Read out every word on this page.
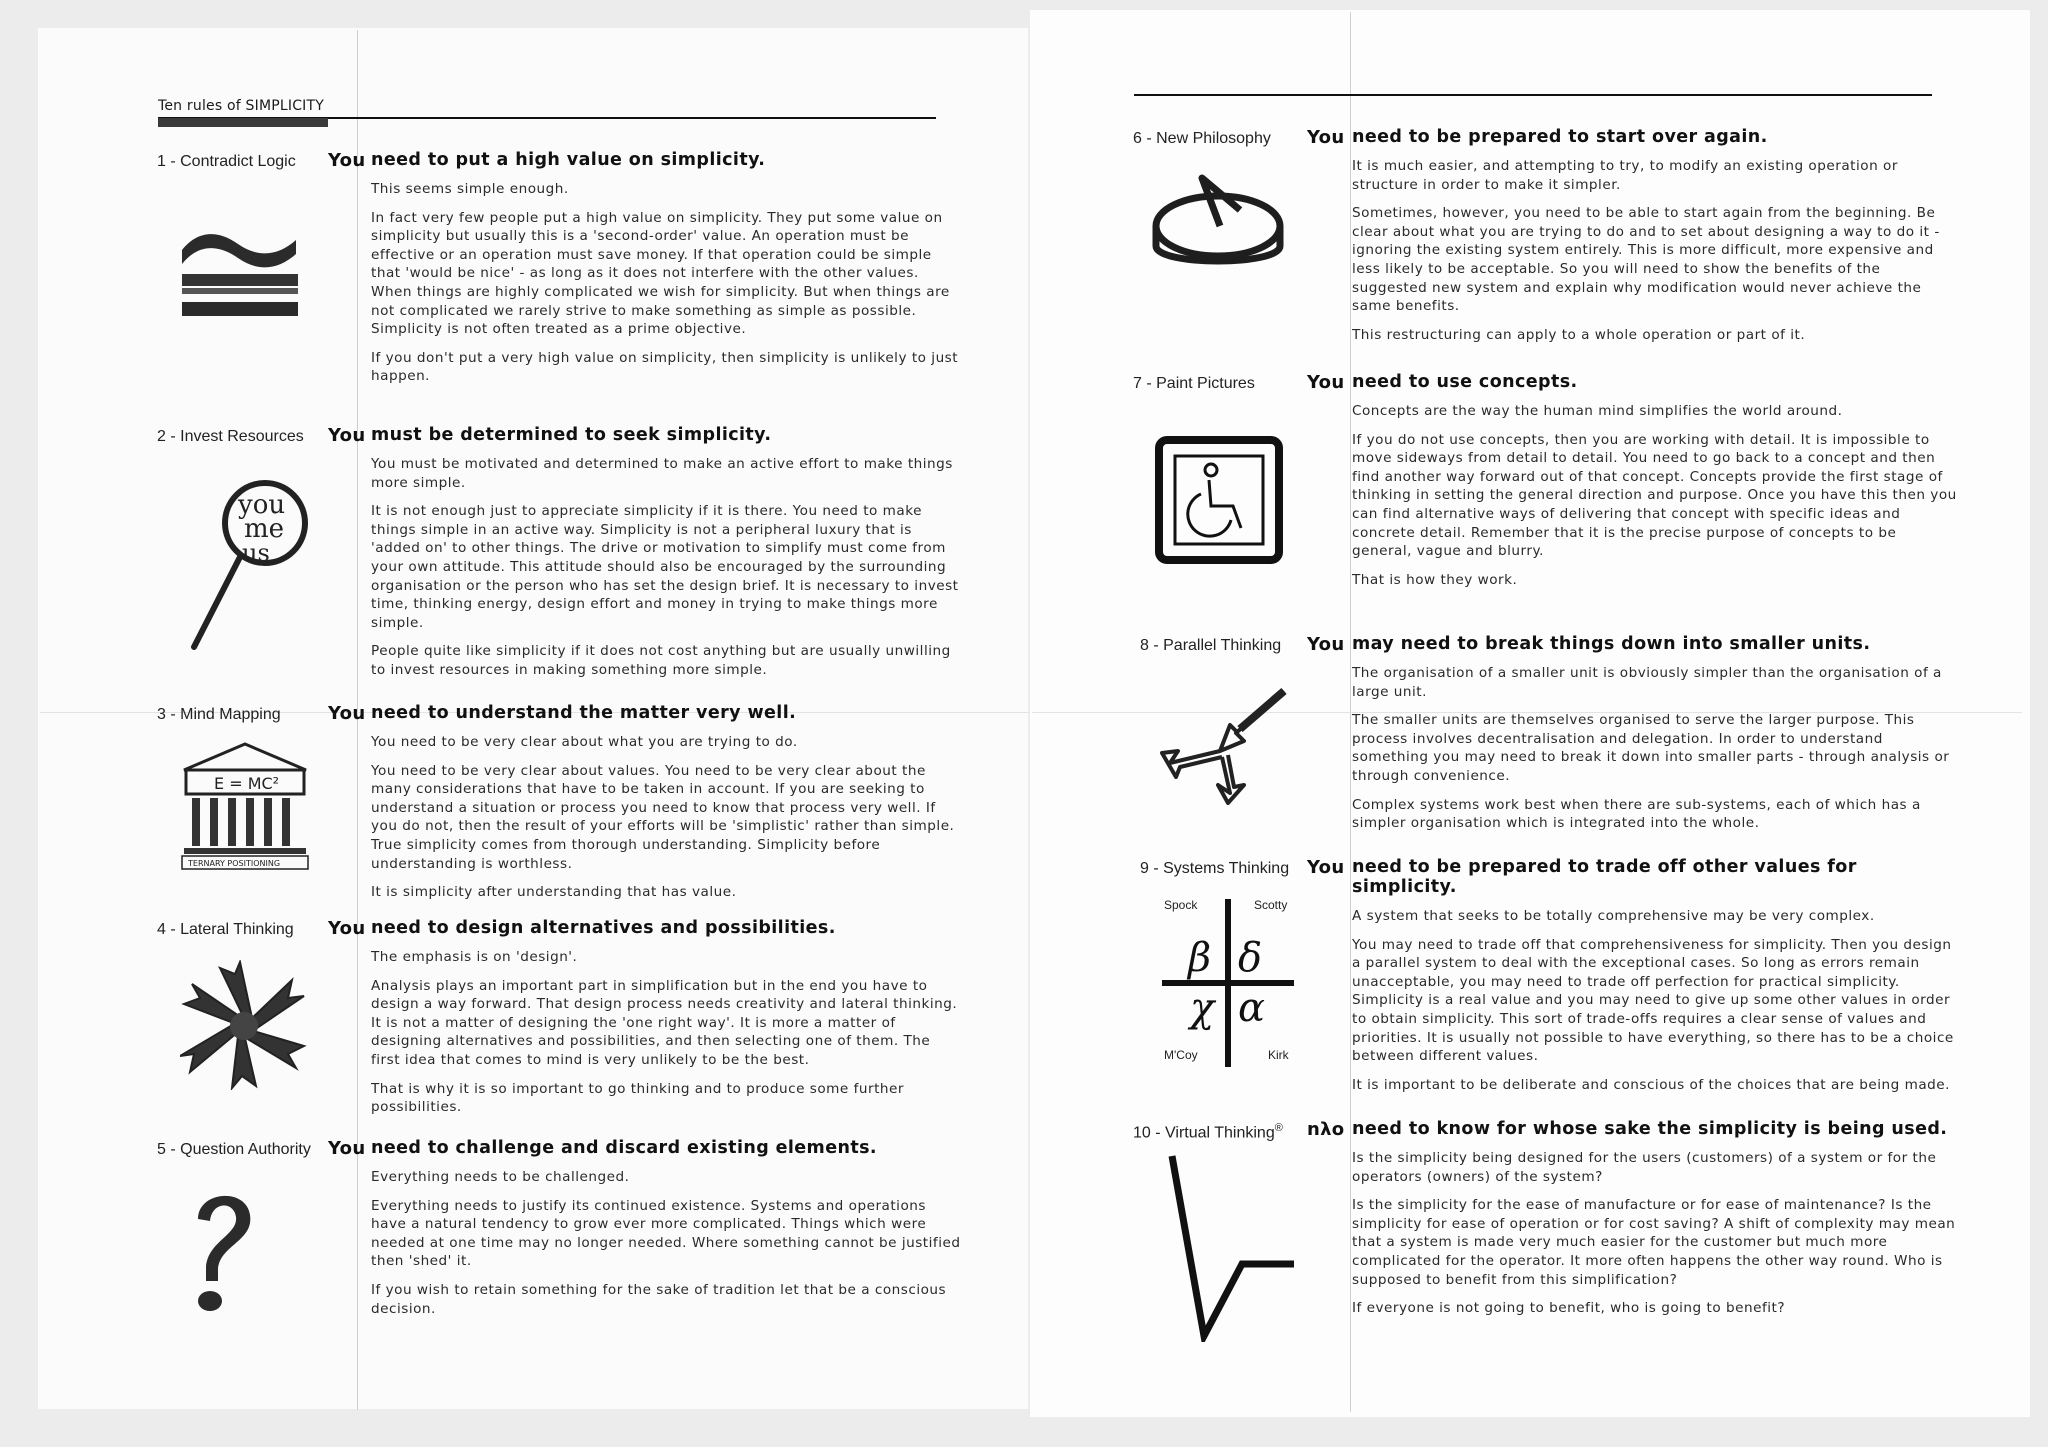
Ten rules of SIMPLICITY
1 - Contradict Logic You need to put a high value on simplicity.
This seems simple enough.
In fact very few people put a high value on simplicity. They put some value on simplicity but usually this is a 'second-order' value. An operation must be effective or an operation must save money. If that operation could be simple that 'would be nice' - as long as it does not interfere with the other values. When things are highly complicated we wish for simplicity. But when things are not complicated we rarely strive to make something as simple as possible. Simplicity is not often treated as a prime objective.
If you don't put a very high value on simplicity, then simplicity is unlikely to just happen.
2 - Invest Resources You
you
me
us
must be determined to seek simplicity.
You must be motivated and determined to make an active effort to make things more simple.
It is not enough just to appreciate simplicity if it is there. You need to make things simple in an active way. Simplicity is not a peripheral luxury that is 'added on' to other things. The drive or motivation to simplify must come from your own attitude. This attitude should also be encouraged by the surrounding organisation or the person who has set the design brief. It is necessary to invest time, thinking energy, design effort and money in trying to make things more simple.
People quite like simplicity if it does not cost anything but are usually unwilling to invest resources in making something more simple.
3 - Mind Mapping	You
E = MC²
TERNARY POSITIONING
need to understand the matter very well.
You need to be very clear about what you are trying to do.
You need to be very clear about values. You need to be very clear about the many considerations that have to be taken in account. If you are seeking to understand a situation or process you need to know that process very well. If you do not, then the result of your efforts will be 'simplistic' rather than simple. True simplicity comes from thorough understanding. Simplicity before understanding is worthless.
It is simplicity after understanding that has value.
4 - Lateral Thinking You need to design alternatives and possibilities.
The emphasis is on 'design'.
Analysis plays an important part in simplification but in the end you have to design a way forward. That design process needs creativity and lateral thinking. It is not a matter of designing the 'one right way'. It is more a matter of designing alternatives and possibilities, and then selecting one of them. The first idea that comes to mind is very unlikely to be the best.
That is why it is so important to go thinking and to produce some further possibilities.
5 - Question Authority You need to challenge and discard existing elements.
Everything needs to be challenged.
Everything needs to justify its continued existence. Systems and operations have a natural tendency to grow ever more complicated. Things which were needed at one time may no longer needed. Where something cannot be justified then 'shed' it.
If you wish to retain something for the sake of tradition let that be a conscious decision.
6 - New Philosophy You need to be prepared to start over again.
It is much easier, and attempting to try, to modify an existing operation or structure in order to make it simpler.
Sometimes, however, you need to be able to start again from the beginning. Be clear about what you are trying to do and to set about designing a way to do it - ignoring the existing system entirely. This is more difficult, more expensive and less likely to be acceptable. So you will need to show the benefits of the suggested new system and explain why modification would never achieve the same benefits.
This restructuring can apply to a whole operation or part of it.
7 - Paint Pictures	You need to use concepts.
Concepts are the way the human mind simplifies the world around.
If you do not use concepts, then you are working with detail. It is impossible to move sideways from detail to detail. You need to go back to a concept and then find another way forward out of that concept. Concepts provide the first stage of thinking in setting the general direction and purpose. Once you have this then you can find alternative ways of delivering that concept with specific ideas and concrete detail. Remember that it is the precise purpose of concepts to be general, vague and blurry.
That is how they work.
8 - Parallel Thinking You may need to break things down into smaller units.
The organisation of a smaller unit is obviously simpler than the organisation of a large unit.
The smaller units are themselves organised to serve the larger purpose. This process involves decentralisation and delegation. In order to understand something you may need to break it down into smaller parts - through analysis or through convenience.
Complex systems work best when there are sub-systems, each of which has a simpler organisation which is integrated into the whole.
9 - Systems Thinking You
Spock	Scotty
M'Coy	Kirk
β δ
χ α
need to be prepared to trade off other values for simplicity.
A system that seeks to be totally comprehensive may be very complex.
You may need to trade off that comprehensiveness for simplicity. Then you design a parallel system to deal with the exceptional cases. So long as errors remain unacceptable, you may need to trade off perfection for practical simplicity. Simplicity is a real value and you may need to give up some other values in order to obtain simplicity. This sort of trade-offs requires a clear sense of values and priorities. It is usually not possible to have everything, so there has to be a choice between different values.
It is important to be deliberate and conscious of the choices that are being made.
10 - Virtual Thinking® nλo need to know for whose sake the simplicity is being used.
Is the simplicity being designed for the users (customers) of a system or for the operators (owners) of the system?
Is the simplicity for the ease of manufacture or for ease of maintenance? Is the simplicity for ease of operation or for cost saving? A shift of complexity may mean that a system is made very much easier for the customer but much more complicated for the operator. It more often happens the other way round. Who is supposed to benefit from this simplification?
If everyone is not going to benefit, who is going to benefit?
